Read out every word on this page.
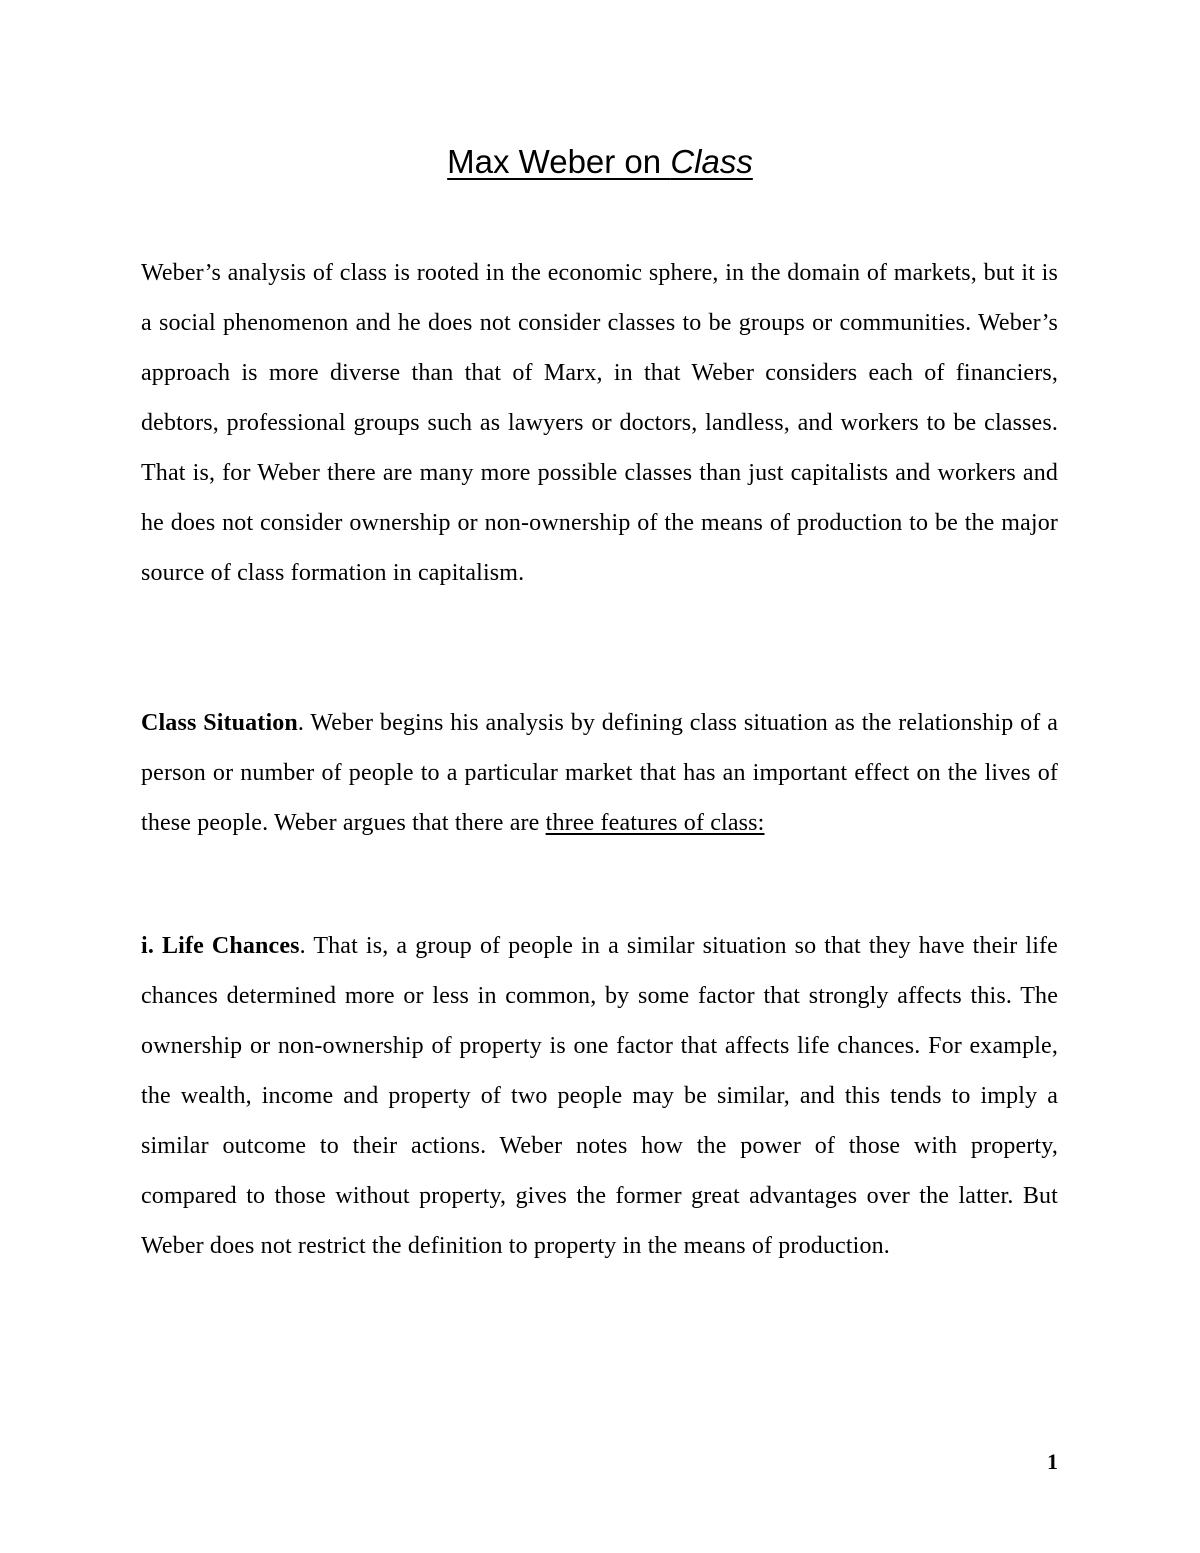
Max Weber on Class

Weber’s analysis of class is rooted in the economic sphere, in the domain of markets, but it is a social phenomenon and he does not consider classes to be groups or communities. Weber’s approach is more diverse than that of Marx, in that Weber considers each of financiers, debtors, professional groups such as lawyers or doctors, landless, and workers to be classes. That is, for Weber there are many more possible classes than just capitalists and workers and he does not consider ownership or non-ownership of the means of production to be the major source of class formation in capitalism.

Class Situation. Weber begins his analysis by defining class situation as the relationship of a person or number of people to a particular market that has an important effect on the lives of these people. Weber argues that there are three features of class:

i. Life Chances. That is, a group of people in a similar situation so that they have their life chances determined more or less in common, by some factor that strongly affects this. The ownership or non-ownership of property is one factor that affects life chances. For example, the wealth, income and property of two people may be similar, and this tends to imply a similar outcome to their actions. Weber notes how the power of those with property, compared to those without property, gives the former great advantages over the latter. But Weber does not restrict the definition to property in the means of production.

1
